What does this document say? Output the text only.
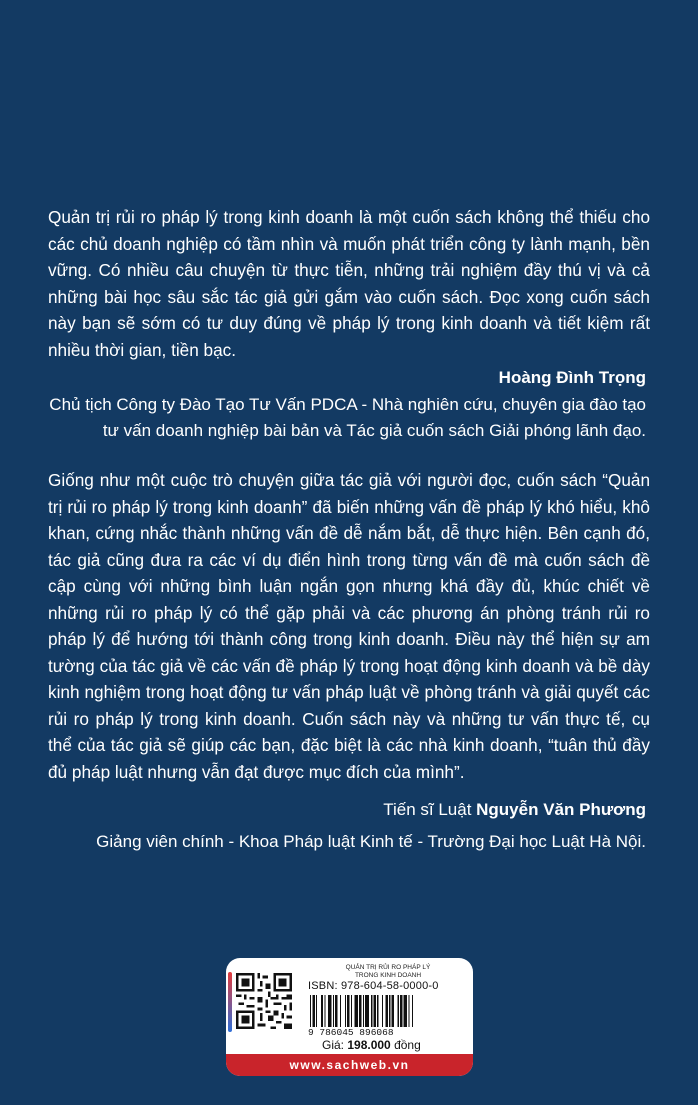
Quản trị rủi ro pháp lý trong kinh doanh là một cuốn sách không thể thiếu cho các chủ doanh nghiệp có tầm nhìn và muốn phát triển công ty lành mạnh, bền vững. Có nhiều câu chuyện từ thực tiễn, những trải nghiệm đầy thú vị và cả những bài học sâu sắc tác giả gửi gắm vào cuốn sách. Đọc xong cuốn sách này bạn sẽ sớm có tư duy đúng về pháp lý trong kinh doanh và tiết kiệm rất nhiều thời gian, tiền bạc.

Hoàng Đình Trọng
Chủ tịch Công ty Đào Tạo Tư Vấn PDCA - Nhà nghiên cứu, chuyên gia đào tạo tư vấn doanh nghiệp bài bản và Tác giả cuốn sách Giải phóng lãnh đạo.

Giống như một cuộc trò chuyện giữa tác giả với người đọc, cuốn sách “Quản trị rủi ro pháp lý trong kinh doanh” đã biến những vấn đề pháp lý khó hiểu, khô khan, cứng nhắc thành những vấn đề dễ nắm bắt, dễ thực hiện. Bên cạnh đó, tác giả cũng đưa ra các ví dụ điển hình trong từng vấn đề mà cuốn sách đề cập cùng với những bình luận ngắn gọn nhưng khá đầy đủ, khúc chiết về những rủi ro pháp lý có thể gặp phải và các phương án phòng tránh rủi ro pháp lý để hướng tới thành công trong kinh doanh. Điều này thể hiện sự am tường của tác giả về các vấn đề pháp lý trong hoạt động kinh doanh và bề dày kinh nghiệm trong hoạt động tư vấn pháp luật về phòng tránh và giải quyết các rủi ro pháp lý trong kinh doanh. Cuốn sách này và những tư vấn thực tế, cụ thể của tác giả sẽ giúp các bạn, đặc biệt là các nhà kinh doanh, “tuân thủ đầy đủ pháp luật nhưng vẫn đạt được mục đích của mình”.

Tiến sĩ Luật Nguyễn Văn Phương
Giảng viên chính - Khoa Pháp luật Kinh tế - Trường Đại học Luật Hà Nội.
QUẢN TRỊ RỦI RO PHÁP LÝ
TRONG KINH DOANH
ISBN: 978-604-58-0000-0
9 786045 896068
Giá: 198.000 đồng
www.sachweb.vn
